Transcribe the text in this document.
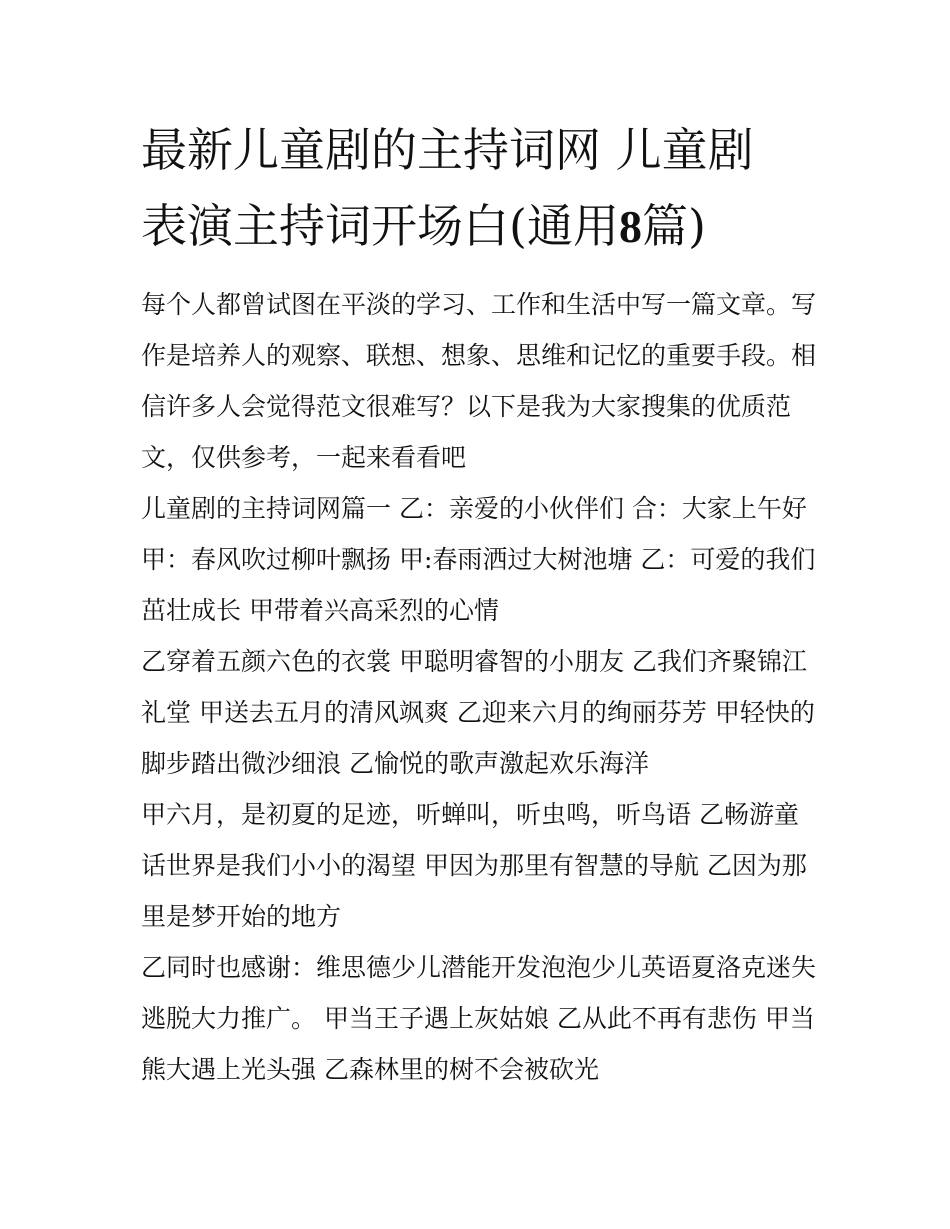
最新儿童剧的主持词网 儿童剧
表演主持词开场白(通用8篇)

每个人都曾试图在平淡的学习、工作和生活中写一篇文章。写
作是培养人的观察、联想、想象、思维和记忆的重要手段。相
信许多人会觉得范文很难写？以下是我为大家搜集的优质范
文，仅供参考，一起来看看吧

儿童剧的主持词网篇一 乙：亲爱的小伙伴们 合：大家上午好
甲：春风吹过柳叶飘扬 甲:春雨洒过大树池塘 乙：可爱的我们
茁壮成长 甲带着兴高采烈的心情

乙穿着五颜六色的衣裳 甲聪明睿智的小朋友 乙我们齐聚锦江
礼堂 甲送去五月的清风飒爽 乙迎来六月的绚丽芬芳 甲轻快的
脚步踏出微沙细浪 乙愉悦的歌声激起欢乐海洋

甲六月，是初夏的足迹，听蝉叫，听虫鸣，听鸟语 乙畅游童
话世界是我们小小的渴望 甲因为那里有智慧的导航 乙因为那
里是梦开始的地方

乙同时也感谢：维思德少儿潜能开发泡泡少儿英语夏洛克迷失
逃脱大力推广。 甲当王子遇上灰姑娘 乙从此不再有悲伤 甲当
熊大遇上光头强 乙森林里的树不会被砍光
